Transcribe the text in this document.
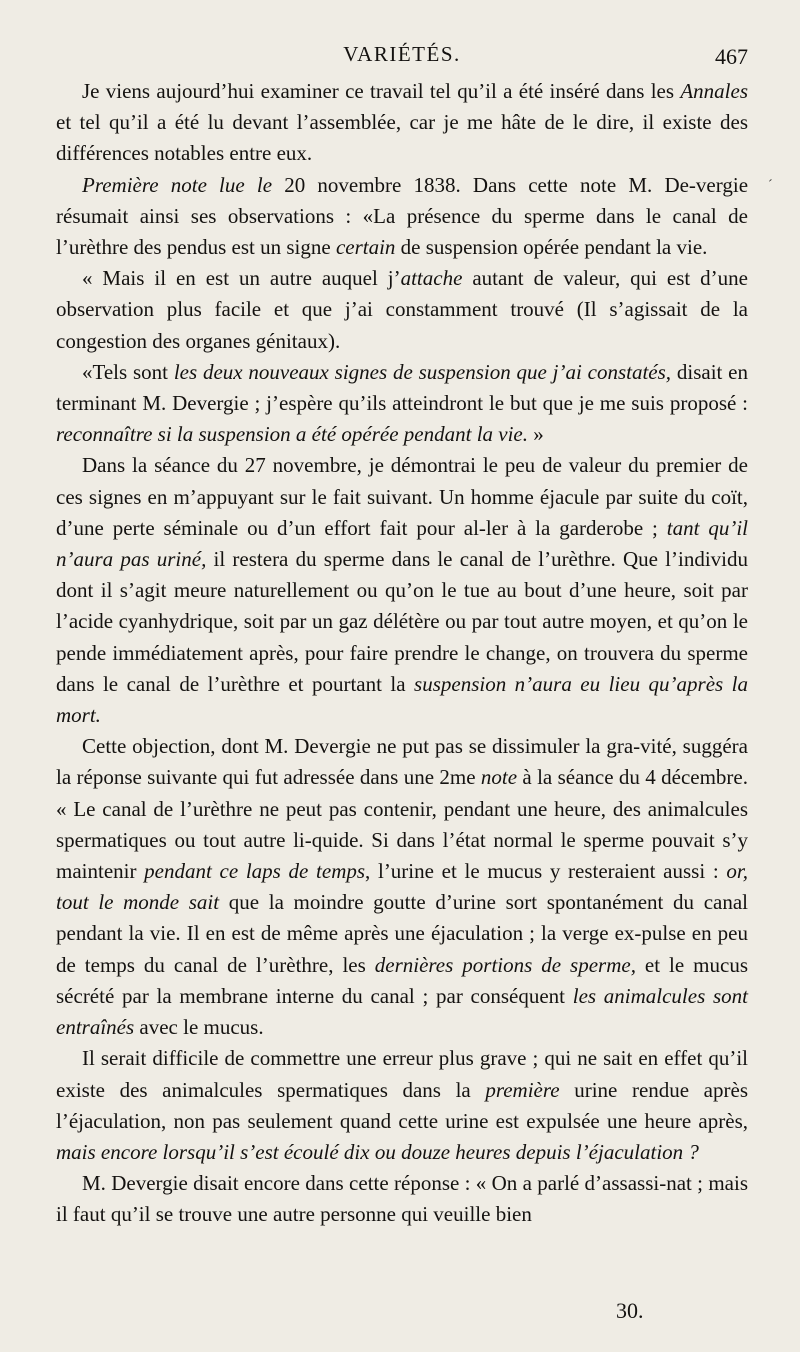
VARIÉTÉS.	467

Je viens aujourd’hui examiner ce travail tel qu’il a été inséré dans les Annales et tel qu’il a été lu devant l’assemblée, car je me hâte de le dire, il existe des différences notables entre eux.

Première note lue le 20 novembre 1838. Dans cette note M. De-vergie résumait ainsi ses observations : «La présence du sperme dans le canal de l’urèthre des pendus est un signe certain de suspension opérée pendant la vie.

« Mais il en est un autre auquel j’attache autant de valeur, qui est d’une observation plus facile et que j’ai constamment trouvé (Il s’agissait de la congestion des organes génitaux).

«Tels sont les deux nouveaux signes de suspension que j’ai constatés, disait en terminant M. Devergie ; j’espère qu’ils atteindront le but que je me suis proposé : reconnaître si la suspension a été opérée pendant la vie. »

Dans la séance du 27 novembre, je démontrai le peu de valeur du premier de ces signes en m’appuyant sur le fait suivant. Un homme éjacule par suite du coït, d’une perte séminale ou d’un effort fait pour al-ler à la garderobe ; tant qu’il n’aura pas uriné, il restera du sperme dans le canal de l’urèthre. Que l’individu dont il s’agit meure naturellement ou qu’on le tue au bout d’une heure, soit par l’acide cyanhydrique, soit par un gaz délétère ou par tout autre moyen, et qu’on le pende immédiatement après, pour faire prendre le change, on trouvera du sperme dans le canal de l’urèthre et pourtant la suspension n’aura eu lieu qu’après la mort.

Cette objection, dont M. Devergie ne put pas se dissimuler la gra-vité, suggéra la réponse suivante qui fut adressée dans une 2me note à la séance du 4 décembre. « Le canal de l’urèthre ne peut pas contenir, pendant une heure, des animalcules spermatiques ou tout autre li-quide. Si dans l’état normal le sperme pouvait s’y maintenir pendant ce laps de temps, l’urine et le mucus y resteraient aussi : or, tout le monde sait que la moindre goutte d’urine sort spontanément du canal pendant la vie. Il en est de même après une éjaculation ; la verge ex-pulse en peu de temps du canal de l’urèthre, les dernières portions de sperme, et le mucus sécrété par la membrane interne du canal ; par conséquent les animalcules sont entraînés avec le mucus.

Il serait difficile de commettre une erreur plus grave ; qui ne sait en effet qu’il existe des animalcules spermatiques dans la première urine rendue après l’éjaculation, non pas seulement quand cette urine est expulsée une heure après, mais encore lorsqu’il s’est écoulé dix ou douze heures depuis l’éjaculation ?

M. Devergie disait encore dans cette réponse : « On a parlé d’assassi-nat ; mais il faut qu’il se trouve une autre personne qui veuille bien

30.
´
